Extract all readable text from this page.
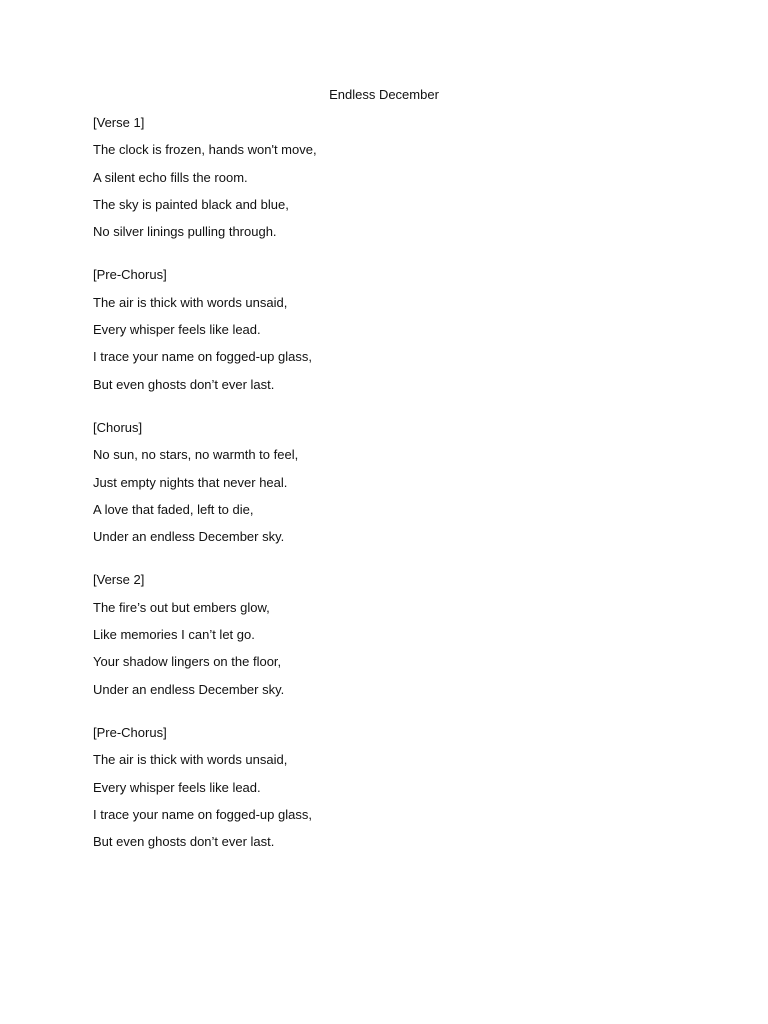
Endless December
[Verse 1]
The clock is frozen, hands won't move,
A silent echo fills the room.
The sky is painted black and blue,
No silver linings pulling through.
[Pre-Chorus]
The air is thick with words unsaid,
Every whisper feels like lead.
I trace your name on fogged-up glass,
But even ghosts don’t ever last.
[Chorus]
No sun, no stars, no warmth to feel,
Just empty nights that never heal.
A love that faded, left to die,
Under an endless December sky.
[Verse 2]
The fire’s out but embers glow,
Like memories I can’t let go.
Your shadow lingers on the floor,
Under an endless December sky.
[Pre-Chorus]
The air is thick with words unsaid,
Every whisper feels like lead.
I trace your name on fogged-up glass,
But even ghosts don’t ever last.
